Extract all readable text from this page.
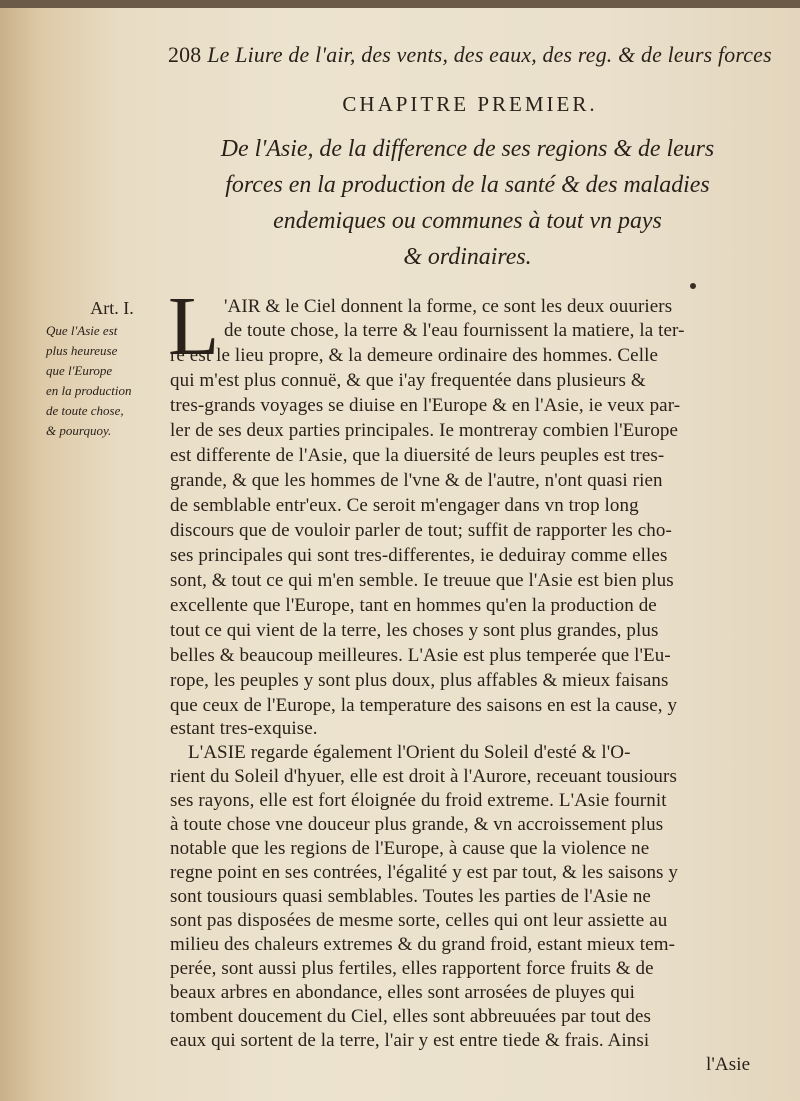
208 Le Liure de l'air, des vents, des eaux, des reg. & de leurs forces
CHAPITRE PREMIER.
De l'Asie, de la difference de ses regions & de leurs
forces en la production de la santé & des maladies
endemiques ou communes à tout vn pays
& ordinaires.
Art. I.
Que l'Asie est
plus heureuse
que l'Europe
en la production
de toute chose,
& pourquoy.
L 'AIR & le Ciel donnent la forme, ce sont les deux ouuriers
de toute chose, la terre & l'eau fournissent la matiere, la ter-
re est le lieu propre, & la demeure ordinaire des hommes. Celle
qui m'est plus connuë, & que i'ay frequentée dans plusieurs &
tres-grands voyages se diuise en l'Europe & en l'Asie, ie veux par-
ler de ses deux parties principales. Ie montreray combien l'Europe
est differente de l'Asie, que la diuersité de leurs peuples est tres-
grande, & que les hommes de l'vne & de l'autre, n'ont quasi rien
de semblable entr'eux. Ce seroit m'engager dans vn trop long
discours que de vouloir parler de tout; suffit de rapporter les cho-
ses principales qui sont tres-differentes, ie deduiray comme elles
sont, & tout ce qui m'en semble. Ie treuue que l'Asie est bien plus
excellente que l'Europe, tant en hommes qu'en la production de
tout ce qui vient de la terre, les choses y sont plus grandes, plus
belles & beaucoup meilleures. L'Asie est plus temperée que l'Eu-
rope, les peuples y sont plus doux, plus affables & mieux faisans
que ceux de l'Europe, la temperature des saisons en est la cause, y
estant tres-exquise.
L'ASIE regarde également l'Orient du Soleil d'esté & l'O-
rient du Soleil d'hyuer, elle est droit à l'Aurore, receuant tousiours
ses rayons, elle est fort éloignée du froid extreme. L'Asie fournit
à toute chose vne douceur plus grande, & vn accroissement plus
notable que les regions de l'Europe, à cause que la violence ne
regne point en ses contrées, l'égalité y est par tout, & les saisons y
sont tousiours quasi semblables. Toutes les parties de l'Asie ne
sont pas disposées de mesme sorte, celles qui ont leur assiette au
milieu des chaleurs extremes & du grand froid, estant mieux tem-
perée, sont aussi plus fertiles, elles rapportent force fruits & de
beaux arbres en abondance, elles sont arrosées de pluyes qui
tombent doucement du Ciel, elles sont abbreuuées par tout des
eaux qui sortent de la terre, l'air y est entre tiede & frais. Ainsi
l'Asie
